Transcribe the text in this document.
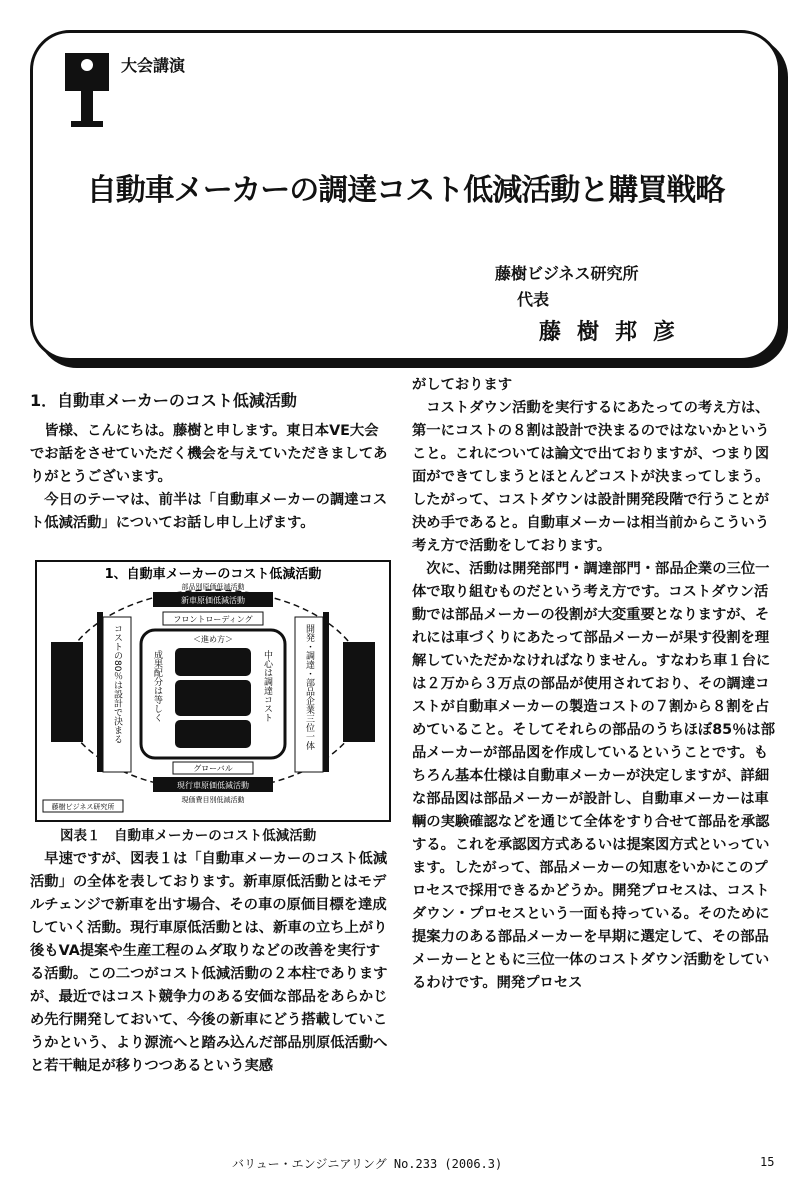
大会講演
自動車メーカーの調達コスト低減活動と購買戦略
藤樹ビジネス研究所
代表
藤樹邦彦
1．自動車メーカーのコスト低減活動

　皆様、こんにちは。藤樹と申します。東日本VE大会でお話をさせていただく機会を与えていただきましてありがとうございます。

　今日のテーマは、前半は「自動車メーカーの調達コスト低減活動」についてお話し申し上げます。

1、自動車メーカーのコスト低減活動
部品別原価低減活動
新車原価低減活動
フロントローディング
コストの80％は設計で決まる	開発・調達・部品企業三位一体
＜進め方＞
成果配分は等しく	中心は調達コスト
グローバル
現行車原価低減活動
現価費目別低減活動
藤樹ビジネス研究所
図表１　自動車メーカーのコスト低減活動

　早速ですが、図表１は「自動車メーカーのコスト低減活動」の全体を表しております。新車原低活動とはモデルチェンジで新車を出す場合、その車の原価目標を達成していく活動。現行車原低活動とは、新車の立ち上がり後もVA提案や生産工程のムダ取りなどの改善を実行する活動。この二つがコスト低減活動の２本柱でありますが、最近ではコスト競争力のある安価な部品をあらかじめ先行開発しておいて、今後の新車にどう搭載していこうかという、より源流へと踏み込んだ部品別原低活動へと若干軸足が移りつつあるという実感

がしております

　コストダウン活動を実行するにあたっての考え方は、第一にコストの８割は設計で決まるのではないかということ。これについては論文で出ておりますが、つまり図面ができてしまうとほとんどコストが決まってしまう。したがって、コストダウンは設計開発段階で行うことが決め手であると。自動車メーカーは相当前からこういう考え方で活動をしております。

　次に、活動は開発部門・調達部門・部品企業の三位一体で取り組むものだという考え方です。コストダウン活動では部品メーカーの役割が大変重要となりますが、それには車づくりにあたって部品メーカーが果す役割を理解していただかなければなりません。すなわち車１台には２万から３万点の部品が使用されており、その調達コストが自動車メーカーの製造コストの７割から８割を占めていること。そしてそれらの部品のうちほぼ85％は部品メーカーが部品図を作成しているということです。もちろん基本仕様は自動車メーカーが決定しますが、詳細な部品図は部品メーカーが設計し、自動車メーカーは車輌の実験確認などを通じて全体をすり合せて部品を承認する。これを承認図方式あるいは提案図方式といっています。したがって、部品メーカーの知恵をいかにこのプロセスで採用できるかどうか。開発プロセスは、コストダウン・プロセスという一面も持っている。そのために提案力のある部品メーカーを早期に選定して、その部品メーカーとともに三位一体のコストダウン活動をしているわけです。開発プロセス

バリュー・エンジニアリング No.233 (2006.3)	15
